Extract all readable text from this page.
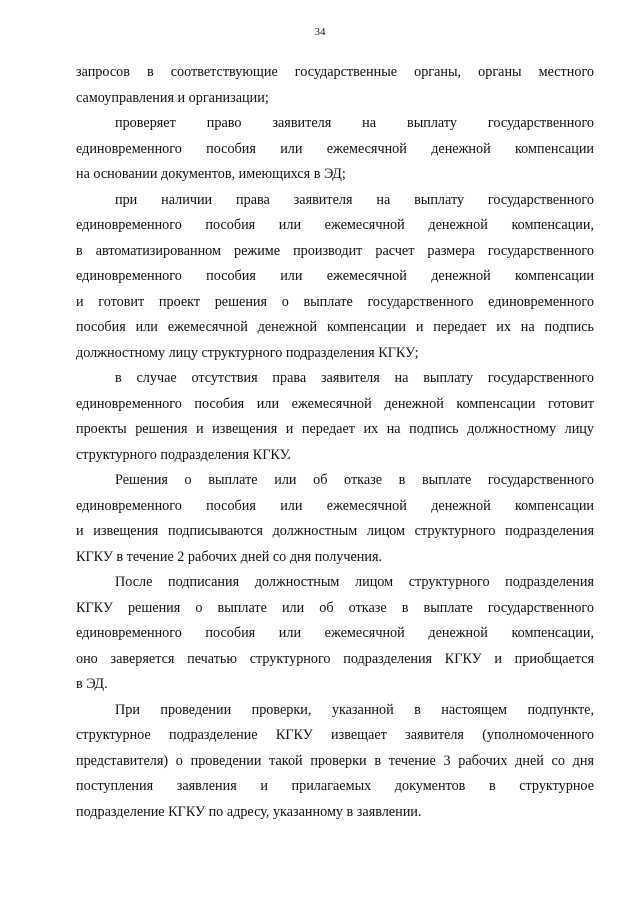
34
запросов в соответствующие государственные органы, органы местного
самоуправления и организации;
проверяет право заявителя на выплату государственного
единовременного пособия или ежемесячной денежной компенсации
на основании документов, имеющихся в ЭД;
при наличии права заявителя на выплату государственного
единовременного пособия или ежемесячной денежной компенсации,
в автоматизированном режиме производит расчет размера государственного
единовременного пособия или ежемесячной денежной компенсации
и готовит проект решения о выплате государственного единовременного
пособия или ежемесячной денежной компенсации и передает их на подпись
должностному лицу структурного подразделения КГКУ;
в случае отсутствия права заявителя на выплату государственного
единовременного пособия или ежемесячной денежной компенсации готовит
проекты решения и извещения и передает их на подпись должностному лицу
структурного подразделения КГКУ.
Решения о выплате или об отказе в выплате государственного
единовременного пособия или ежемесячной денежной компенсации
и извещения подписываются должностным лицом структурного подразделения
КГКУ в течение 2 рабочих дней со дня получения.
После подписания должностным лицом структурного подразделения
КГКУ решения о выплате или об отказе в выплате государственного
единовременного пособия или ежемесячной денежной компенсации,
оно заверяется печатью структурного подразделения КГКУ и приобщается
в ЭД.
При проведении проверки, указанной в настоящем подпункте,
структурное подразделение КГКУ извещает заявителя (уполномоченного
представителя) о проведении такой проверки в течение 3 рабочих дней со дня
поступления заявления и прилагаемых документов в структурное
подразделение КГКУ по адресу, указанному в заявлении.
